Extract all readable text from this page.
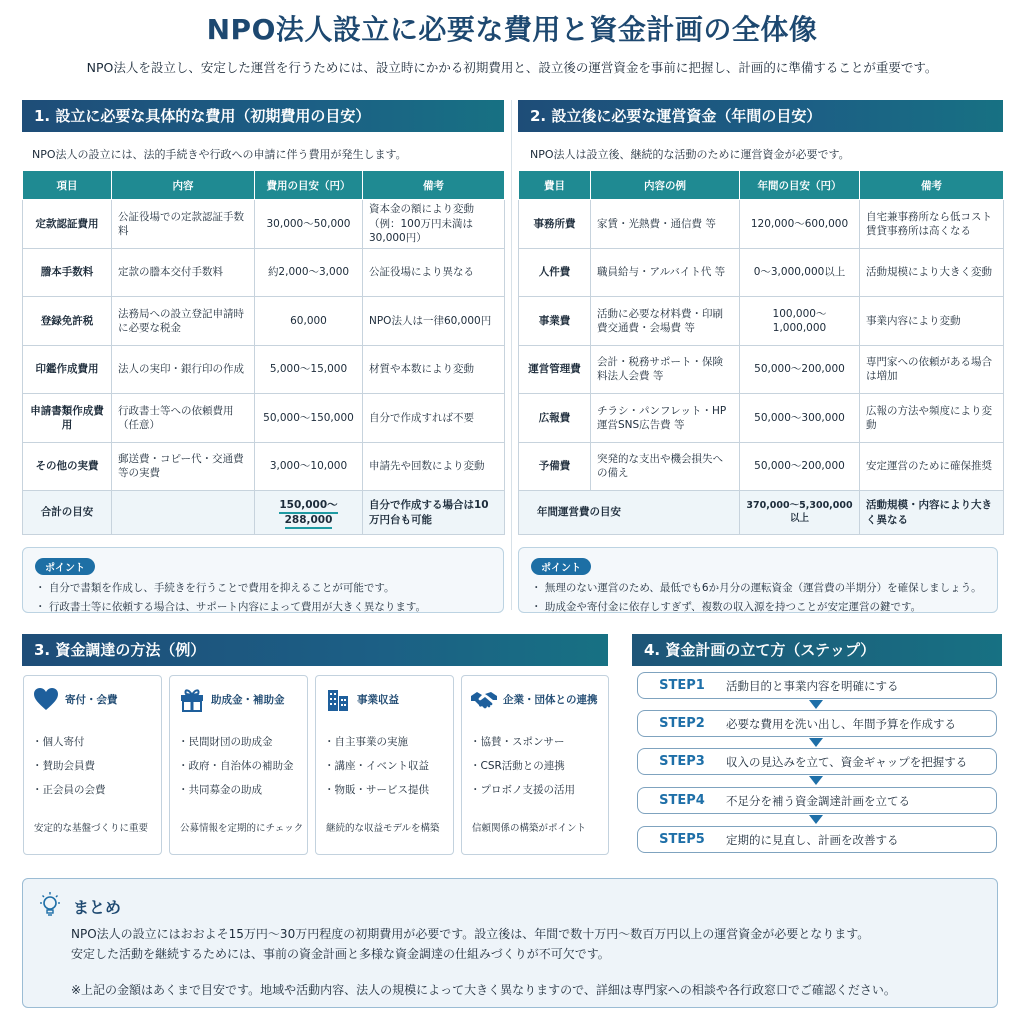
NPO法人設立に必要な費用と資金計画の全体像
NPO法人を設立し、安定した運営を行うためには、設立時にかかる初期費用と、設立後の運営資金を事前に把握し、計画的に準備することが重要です。
1. 設立に必要な具体的な費用（初期費用の目安）
NPO法人の設立には、法的手続きや行政への申請に伴う費用が発生します。
項目	内容	費用の目安（円）	備考
定款認証費用	公証役場での定款認証手数料	30,000〜50,000	資本金の額により変動（例：100万円未満は30,000円）
謄本手数料	定款の謄本交付手数料	約2,000〜3,000	公証役場により異なる
登録免許税	法務局への設立登記申請時に必要な税金	60,000	NPO法人は一律60,000円
印鑑作成費用	法人の実印・銀行印の作成	5,000〜15,000	材質や本数により変動
申請書類作成費用	行政書士等への依頼費用（任意）	50,000〜150,000	自分で作成すれば不要
その他の実費	郵送費・コピー代・交通費等の実費	3,000〜10,000	申請先や回数により変動
合計の目安		150,000〜288,000	自分で作成する場合は10万円台も可能
ポイント
・ 自分で書類を作成し、手続きを行うことで費用を抑えることが可能です。
・ 行政書士等に依頼する場合は、サポート内容によって費用が大きく異なります。
2. 設立後に必要な運営資金（年間の目安）
NPO法人は設立後、継続的な活動のために運営資金が必要です。
費目	内容の例	年間の目安（円）	備考
事務所費	家賃・光熱費・通信費 等	120,000〜600,000	自宅兼事務所なら低コスト賃貸事務所は高くなる
人件費	職員給与・アルバイト代 等	0〜3,000,000以上	活動規模により大きく変動
事業費	活動に必要な材料費・印刷費交通費・会場費 等	100,000〜1,000,000	事業内容により変動
運営管理費	会計・税務サポート・保険料法人会費 等	50,000〜200,000	専門家への依頼がある場合は増加
広報費	チラシ・パンフレット・HP運営SNS広告費 等	50,000〜300,000	広報の方法や頻度により変動
予備費	突発的な支出や機会損失への備え	50,000〜200,000	安定運営のために確保推奨
年間運営費の目安		370,000〜5,300,000以上	活動規模・内容により大きく異なる
ポイント
・ 無理のない運営のため、最低でも6か月分の運転資金（運営費の半期分）を確保しましょう。
・ 助成金や寄付金に依存しすぎず、複数の収入源を持つことが安定運営の鍵です。
3. 資金調達の方法（例）
寄付・会費
・個人寄付
・賛助会員費
・正会員の会費
安定的な基盤づくりに重要
助成金・補助金
・民間財団の助成金
・政府・自治体の補助金
・共同募金の助成
公募情報を定期的にチェック
事業収益
・自主事業の実施
・講座・イベント収益
・物販・サービス提供
継続的な収益モデルを構築
企業・団体との連携
・協賛・スポンサー
・CSR活動との連携
・プロボノ支援の活用
信頼関係の構築がポイント
4. 資金計画の立て方（ステップ）
STEP1	活動目的と事業内容を明確にする
STEP2	必要な費用を洗い出し、年間予算を作成する
STEP3	収入の見込みを立て、資金ギャップを把握する
STEP4	不足分を補う資金調達計画を立てる
STEP5	定期的に見直し、計画を改善する
まとめ
NPO法人の設立にはおおよそ15万円〜30万円程度の初期費用が必要です。設立後は、年間で数十万円〜数百万円以上の運営資金が必要となります。
安定した活動を継続するためには、事前の資金計画と多様な資金調達の仕組みづくりが不可欠です。
※上記の金額はあくまで目安です。地域や活動内容、法人の規模によって大きく異なりますので、詳細は専門家への相談や各行政窓口でご確認ください。
